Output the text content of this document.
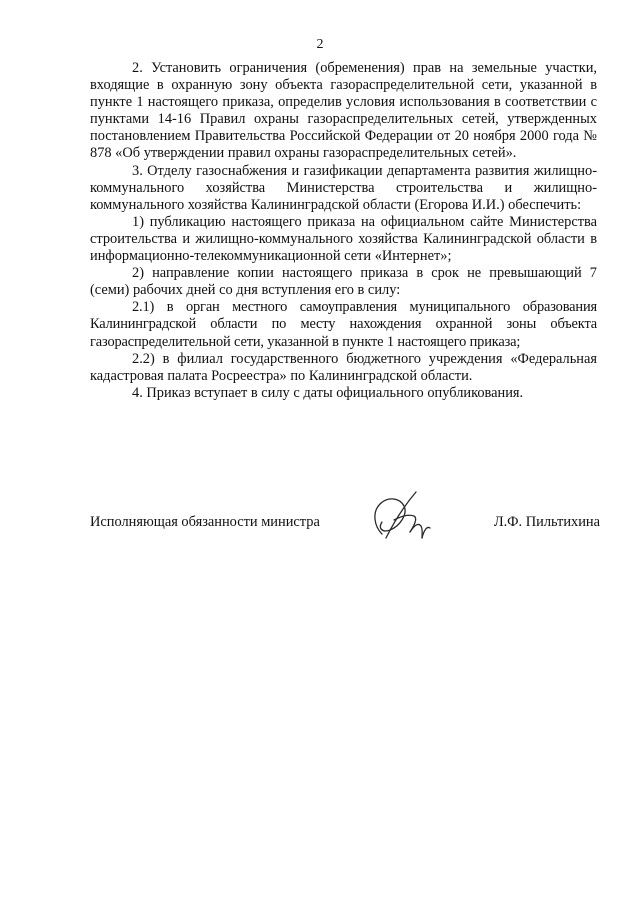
2

2. Установить ограничения (обременения) прав на земельные участки, входящие в охранную зону объекта газораспределительной сети, указанной в пункте 1 настоящего приказа, определив условия использования в соответствии с пунктами 14-16 Правил охраны газораспределительных сетей, утвержденных постановлением Правительства Российской Федерации от 20 ноября 2000 года № 878 «Об утверждении правил охраны газораспределительных сетей».

3. Отделу газоснабжения и газификации департамента развития жилищно-коммунального хозяйства Министерства строительства и жилищно-коммунального хозяйства Калининградской области (Егорова И.И.) обеспечить:

1) публикацию настоящего приказа на официальном сайте Министерства строительства и жилищно-коммунального хозяйства Калининградской области в информационно-телекоммуникационной сети «Интернет»;

2) направление копии настоящего приказа в срок не превышающий 7 (семи) рабочих дней со дня вступления его в силу:

2.1) в орган местного самоуправления муниципального образования Калининградской области по месту нахождения охранной зоны объекта газораспределительной сети, указанной в пункте 1 настоящего приказа;

2.2) в филиал государственного бюджетного учреждения «Федеральная кадастровая палата Росреестра» по Калининградской области.

4. Приказ вступает в силу с даты официального опубликования.

Исполняющая обязанности министра	Л.Ф. Пильтихина
